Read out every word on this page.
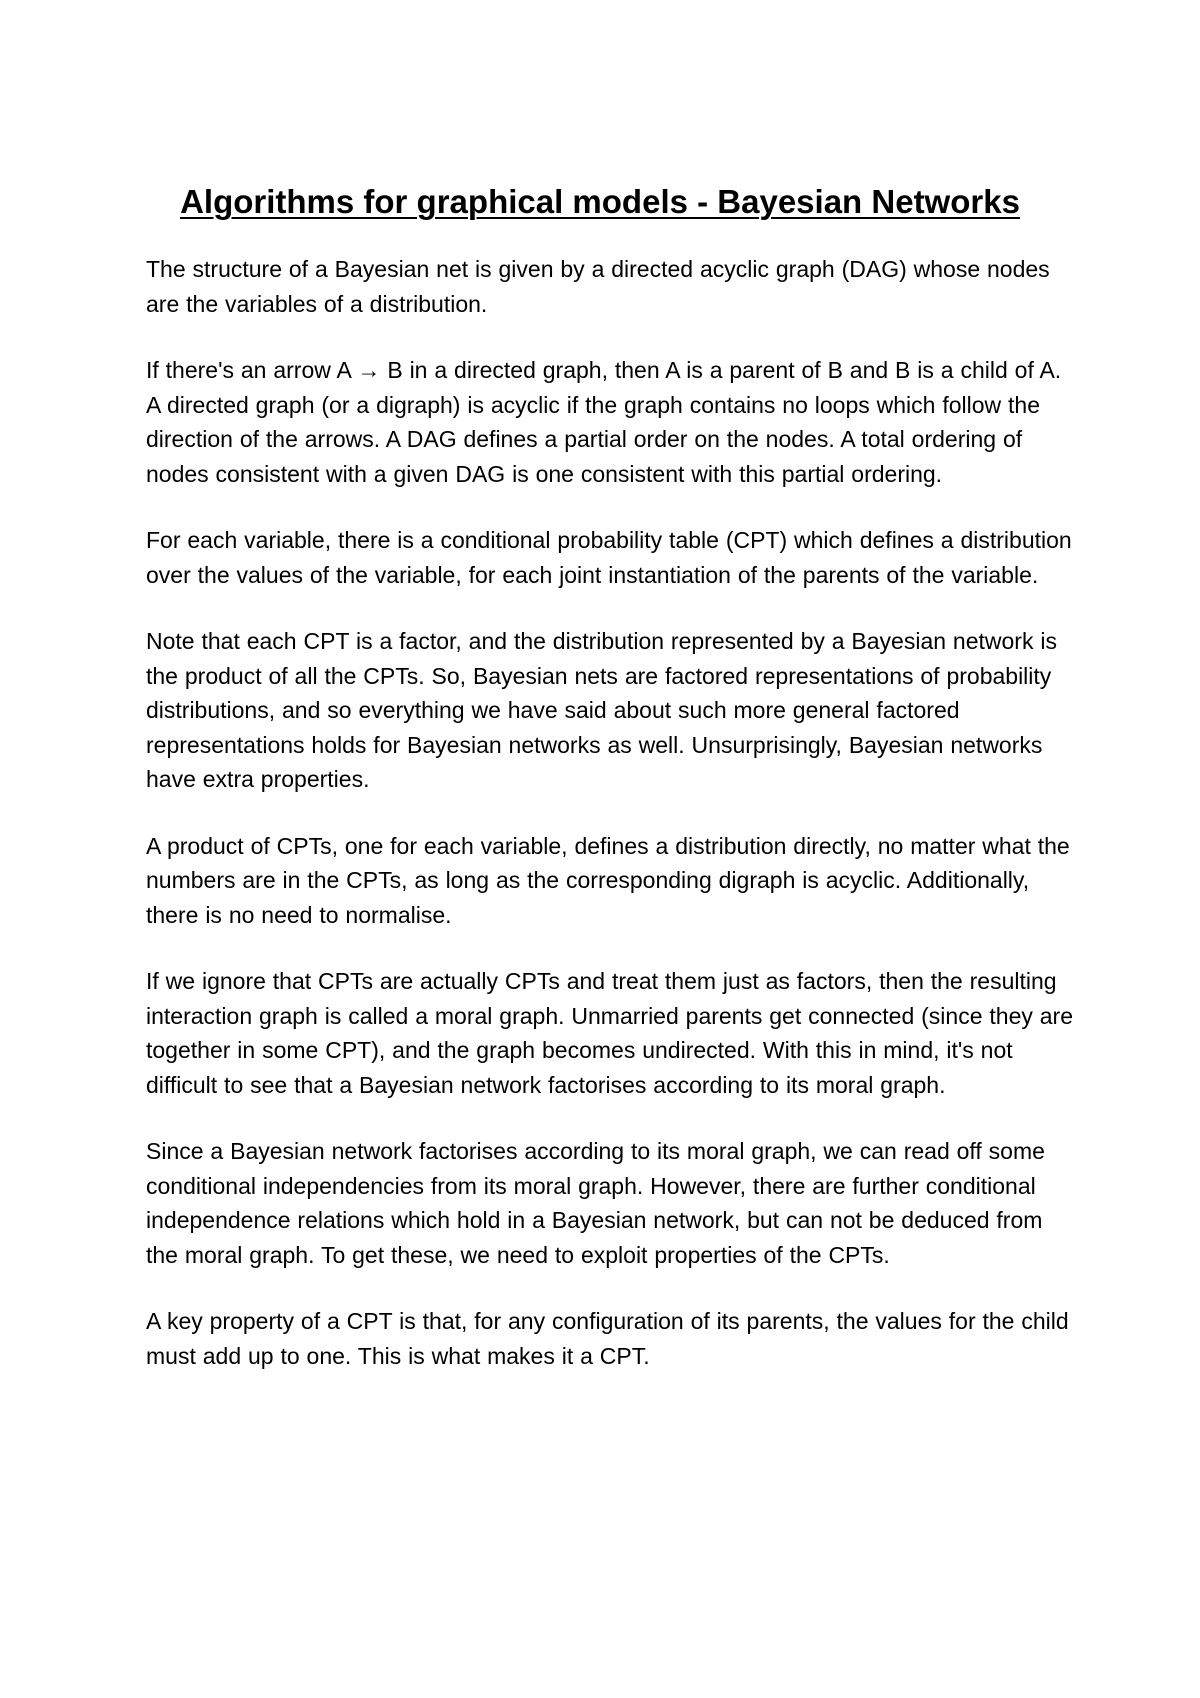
Algorithms for graphical models - Bayesian Networks

The structure of a Bayesian net is given by a directed acyclic graph (DAG) whose nodes are the variables of a distribution.

If there's an arrow A → B in a directed graph, then A is a parent of B and B is a child of A. A directed graph (or a digraph) is acyclic if the graph contains no loops which follow the direction of the arrows. A DAG defines a partial order on the nodes. A total ordering of nodes consistent with a given DAG is one consistent with this partial ordering.

For each variable, there is a conditional probability table (CPT) which defines a distribution over the values of the variable, for each joint instantiation of the parents of the variable.

Note that each CPT is a factor, and the distribution represented by a Bayesian network is the product of all the CPTs. So, Bayesian nets are factored representations of probability distributions, and so everything we have said about such more general factored representations holds for Bayesian networks as well. Unsurprisingly, Bayesian networks have extra properties.

A product of CPTs, one for each variable, defines a distribution directly, no matter what the numbers are in the CPTs, as long as the corresponding digraph is acyclic. Additionally, there is no need to normalise.

If we ignore that CPTs are actually CPTs and treat them just as factors, then the resulting interaction graph is called a moral graph. Unmarried parents get connected (since they are together in some CPT), and the graph becomes undirected. With this in mind, it's not difficult to see that a Bayesian network factorises according to its moral graph.

Since a Bayesian network factorises according to its moral graph, we can read off some conditional independencies from its moral graph. However, there are further conditional independence relations which hold in a Bayesian network, but can not be deduced from the moral graph. To get these, we need to exploit properties of the CPTs.

A key property of a CPT is that, for any configuration of its parents, the values for the child must add up to one. This is what makes it a CPT.
